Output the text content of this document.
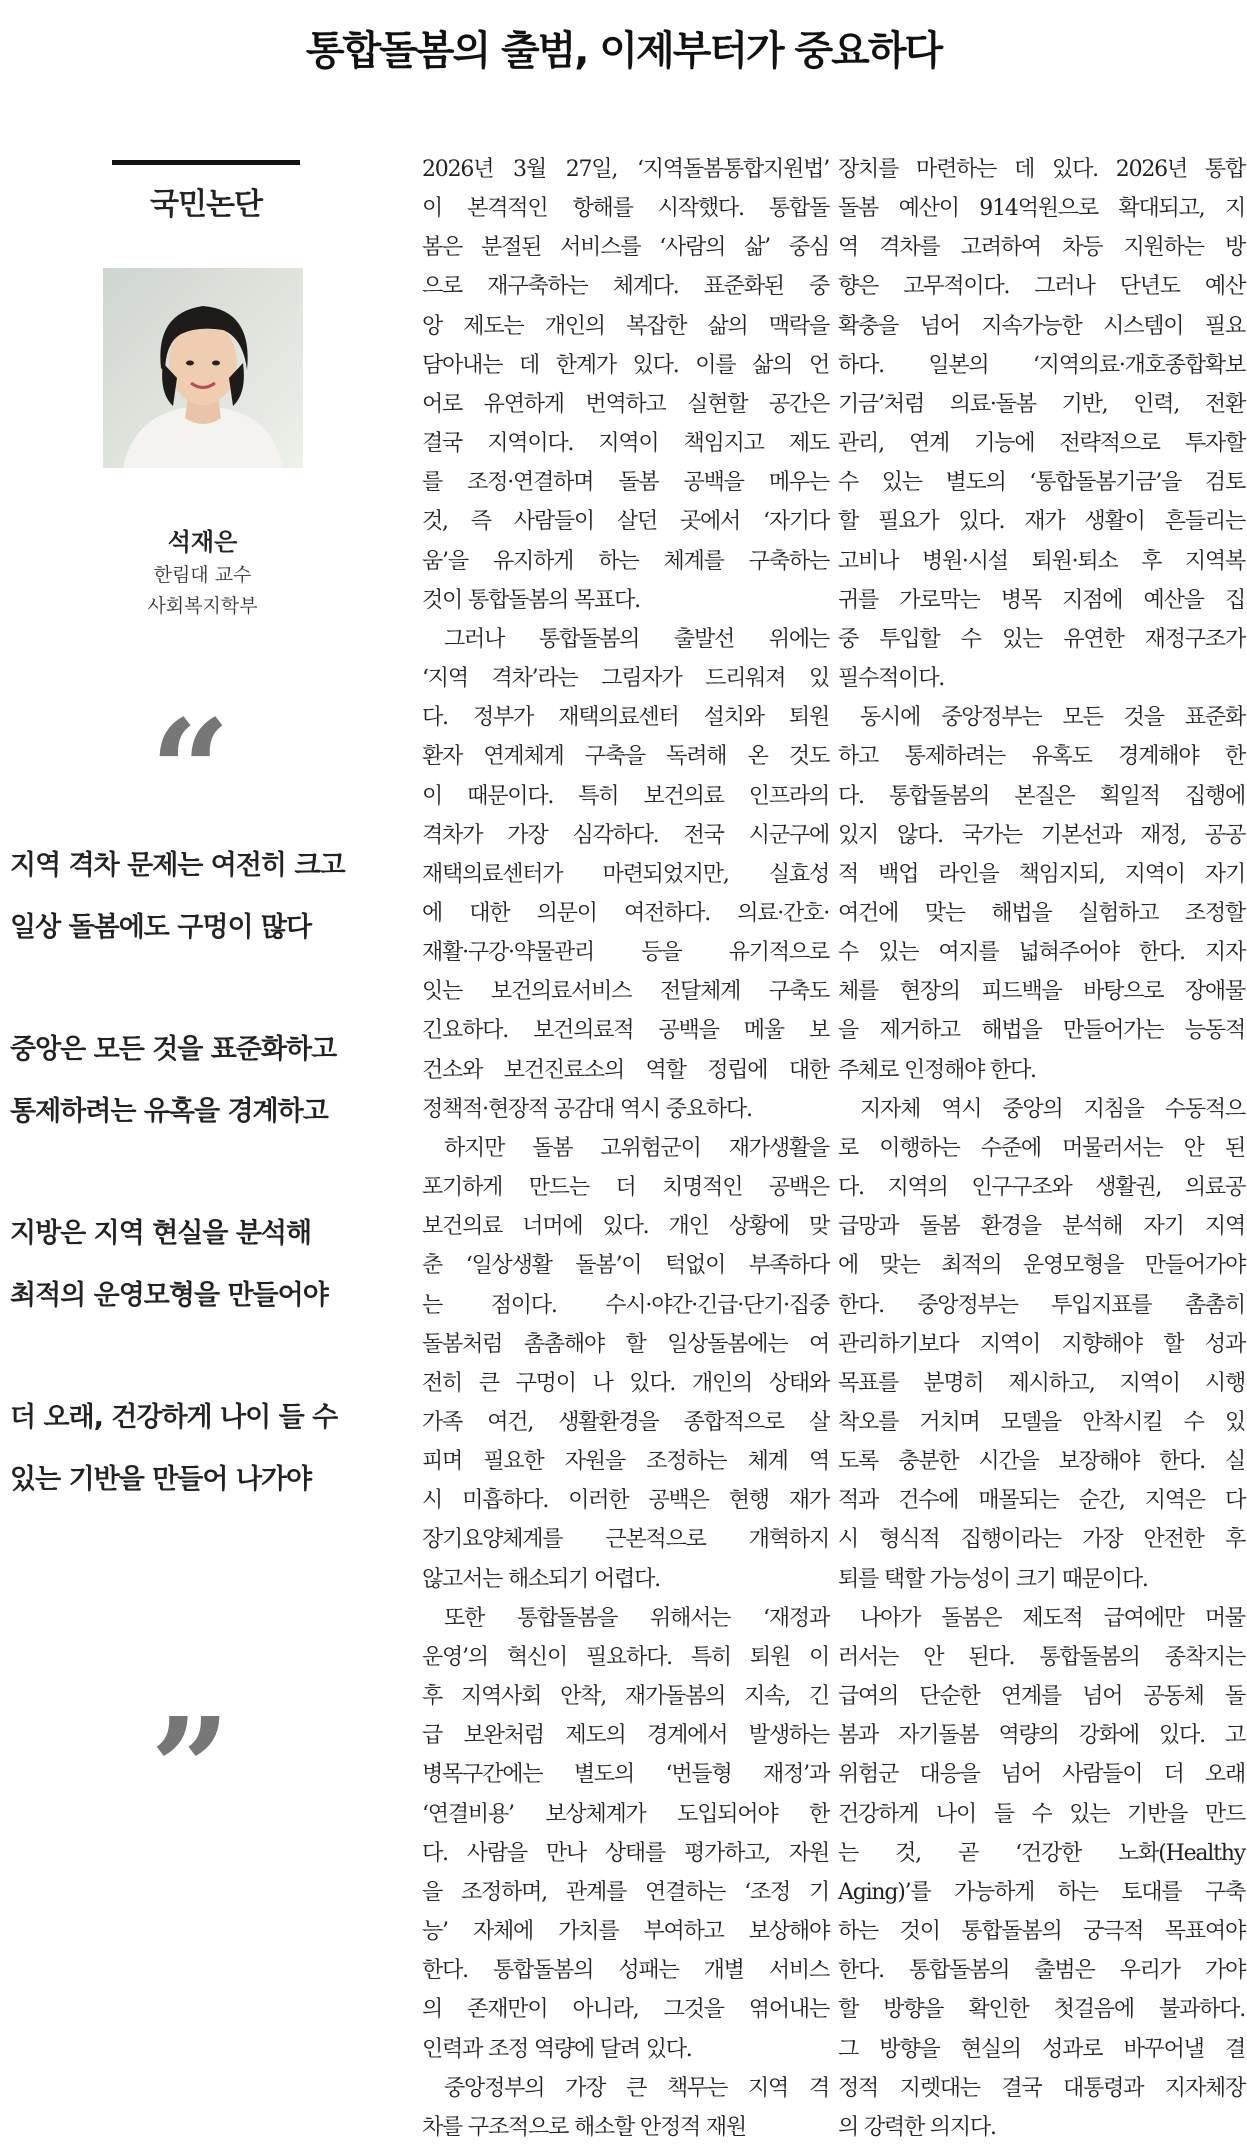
통합돌봄의 출범, 이제부터가 중요하다
국민논단
석재은
한림대 교수
사회복지학부
“
지역 격차 문제는 여전히 크고
일상 돌봄에도 구멍이 많다
중앙은 모든 것을 표준화하고
통제하려는 유혹을 경계하고
지방은 지역 현실을 분석해
최적의 운영모형을 만들어야
더 오래, 건강하게 나이 들 수
있는 기반을 만들어 나가야
”

2026년 3월 27일, ‘지역돌봄통합지원법’
이 본격적인 항해를 시작했다. 통합돌
봄은 분절된 서비스를 ‘사람의 삶’ 중심
으로 재구축하는 체계다. 표준화된 중
앙 제도는 개인의 복잡한 삶의 맥락을
담아내는 데 한계가 있다. 이를 삶의 언
어로 유연하게 번역하고 실현할 공간은
결국 지역이다. 지역이 책임지고 제도
를 조정·연결하며 돌봄 공백을 메우는
것, 즉 사람들이 살던 곳에서 ‘자기다
움’을 유지하게 하는 체계를 구축하는
것이 통합돌봄의 목표다.

그러나 통합돌봄의 출발선 위에는
‘지역 격차’라는 그림자가 드리워져 있
다. 정부가 재택의료센터 설치와 퇴원
환자 연계체계 구축을 독려해 온 것도
이 때문이다. 특히 보건의료 인프라의
격차가 가장 심각하다. 전국 시군구에
재택의료센터가 마련되었지만, 실효성
에 대한 의문이 여전하다. 의료·간호·
재활·구강·약물관리 등을 유기적으로
잇는 보건의료서비스 전달체계 구축도
긴요하다. 보건의료적 공백을 메울 보
건소와 보건진료소의 역할 정립에 대한
정책적·현장적 공감대 역시 중요하다.

하지만 돌봄 고위험군이 재가생활을
포기하게 만드는 더 치명적인 공백은
보건의료 너머에 있다. 개인 상황에 맞
춘 ‘일상생활 돌봄’이 턱없이 부족하다
는 점이다. 수시·야간·긴급·단기·집중
돌봄처럼 촘촘해야 할 일상돌봄에는 여
전히 큰 구멍이 나 있다. 개인의 상태와
가족 여건, 생활환경을 종합적으로 살
피며 필요한 자원을 조정하는 체계 역
시 미흡하다. 이러한 공백은 현행 재가
장기요양체계를 근본적으로 개혁하지
않고서는 해소되기 어렵다.

또한 통합돌봄을 위해서는 ‘재정과
운영’의 혁신이 필요하다. 특히 퇴원 이
후 지역사회 안착, 재가돌봄의 지속, 긴
급 보완처럼 제도의 경계에서 발생하는
병목구간에는 별도의 ‘번들형 재정’과
‘연결비용’ 보상체계가 도입되어야 한
다. 사람을 만나 상태를 평가하고, 자원
을 조정하며, 관계를 연결하는 ‘조정 기
능’ 자체에 가치를 부여하고 보상해야
한다. 통합돌봄의 성패는 개별 서비스
의 존재만이 아니라, 그것을 엮어내는
인력과 조정 역량에 달려 있다.

중앙정부의 가장 큰 책무는 지역 격
차를 구조적으로 해소할 안정적 재원

장치를 마련하는 데 있다. 2026년 통합
돌봄 예산이 914억원으로 확대되고, 지
역 격차를 고려하여 차등 지원하는 방
향은 고무적이다. 그러나 단년도 예산
확충을 넘어 지속가능한 시스템이 필요
하다. 일본의 ‘지역의료·개호종합확보
기금’처럼 의료·돌봄 기반, 인력, 전환
관리, 연계 기능에 전략적으로 투자할
수 있는 별도의 ‘통합돌봄기금’을 검토
할 필요가 있다. 재가 생활이 흔들리는
고비나 병원·시설 퇴원·퇴소 후 지역복
귀를 가로막는 병목 지점에 예산을 집
중 투입할 수 있는 유연한 재정구조가
필수적이다.

동시에 중앙정부는 모든 것을 표준화
하고 통제하려는 유혹도 경계해야 한
다. 통합돌봄의 본질은 획일적 집행에
있지 않다. 국가는 기본선과 재정, 공공
적 백업 라인을 책임지되, 지역이 자기
여건에 맞는 해법을 실험하고 조정할
수 있는 여지를 넓혀주어야 한다. 지자
체를 현장의 피드백을 바탕으로 장애물
을 제거하고 해법을 만들어가는 능동적
주체로 인정해야 한다.

지자체 역시 중앙의 지침을 수동적으
로 이행하는 수준에 머물러서는 안 된
다. 지역의 인구구조와 생활권, 의료공
급망과 돌봄 환경을 분석해 자기 지역
에 맞는 최적의 운영모형을 만들어가야
한다. 중앙정부는 투입지표를 촘촘히
관리하기보다 지역이 지향해야 할 성과
목표를 분명히 제시하고, 지역이 시행
착오를 거치며 모델을 안착시킬 수 있
도록 충분한 시간을 보장해야 한다. 실
적과 건수에 매몰되는 순간, 지역은 다
시 형식적 집행이라는 가장 안전한 후
퇴를 택할 가능성이 크기 때문이다.

나아가 돌봄은 제도적 급여에만 머물
러서는 안 된다. 통합돌봄의 종착지는
급여의 단순한 연계를 넘어 공동체 돌
봄과 자기돌봄 역량의 강화에 있다. 고
위험군 대응을 넘어 사람들이 더 오래
건강하게 나이 들 수 있는 기반을 만드
는 것, 곧 ‘건강한 노화(Healthy
Aging)’를 가능하게 하는 토대를 구축
하는 것이 통합돌봄의 궁극적 목표여야
한다. 통합돌봄의 출범은 우리가 가야
할 방향을 확인한 첫걸음에 불과하다.
그 방향을 현실의 성과로 바꾸어낼 결
정적 지렛대는 결국 대통령과 지자체장
의 강력한 의지다.
